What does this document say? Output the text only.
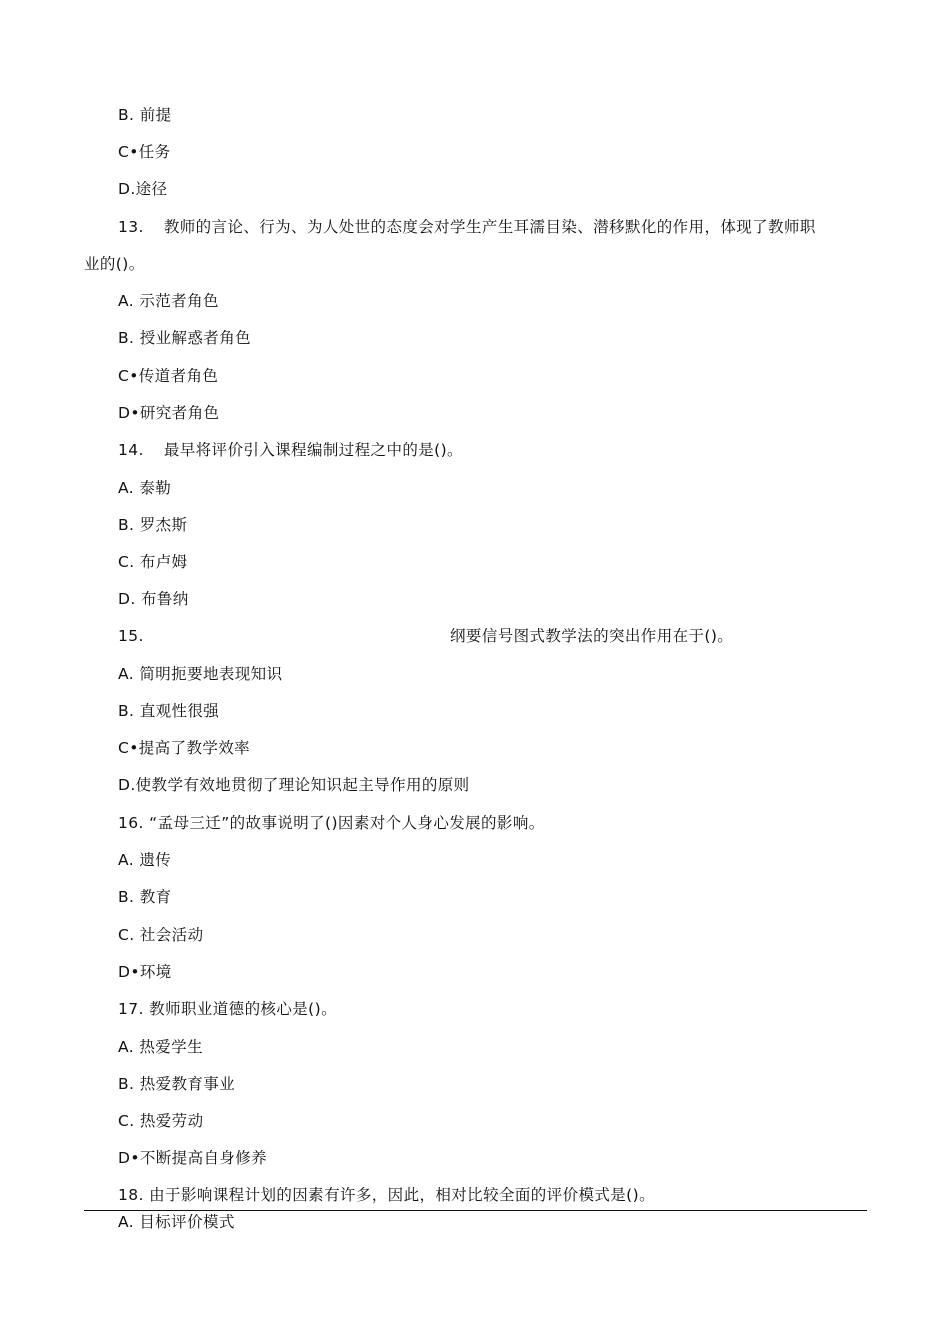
B. 前提
C•任务
D.途径
13. 教师的言论、行为、为人处世的态度会对学生产生耳濡目染、潜移默化的作用，体现了教师职
业的()。
A. 示范者角色
B. 授业解惑者角色
C•传道者角色
D•研究者角色
14. 最早将评价引入课程编制过程之中的是()。
A. 泰勒
B. 罗杰斯
C. 布卢姆
D. 布鲁纳
15.	纲要信号图式教学法的突出作用在于()。
A. 简明扼要地表现知识
B. 直观性很强
C•提高了教学效率
D.使教学有效地贯彻了理论知识起主导作用的原则
16. “孟母三迁”的故事说明了()因素对个人身心发展的影响。
A. 遗传
B. 教育
C. 社会活动
D•环境
17. 教师职业道德的核心是()。
A. 热爱学生
B. 热爱教育事业
C. 热爱劳动
D•不断提高自身修养
18. 由于影响课程计划的因素有许多，因此，相对比较全面的评价模式是()。
A. 目标评价模式
